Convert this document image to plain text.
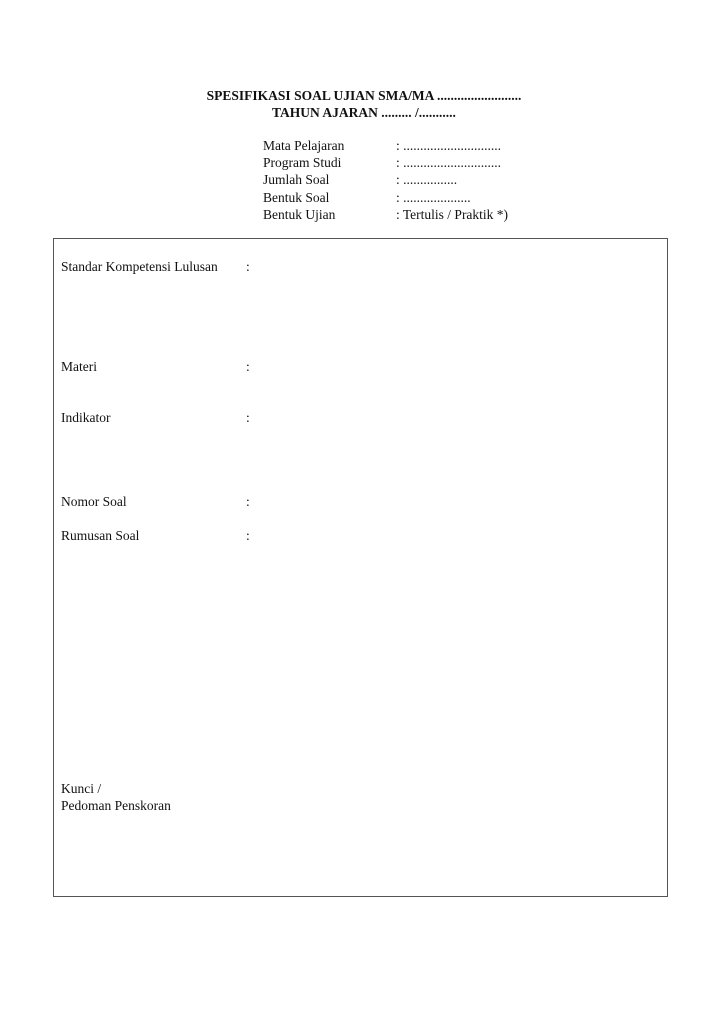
SPESIFIKASI SOAL UJIAN SMA/MA .........................
TAHUN AJARAN ......... /...........
Mata Pelajaran	: .............................
Program Studi	: .............................
Jumlah Soal	: ................
Bentuk Soal	: ....................
Bentuk Ujian	: Tertulis / Praktik *)
Standar Kompetensi Lulusan :
Materi	:
Indikator	:
Nomor Soal	:
Rumusan Soal	:
Kunci /
Pedoman Penskoran
